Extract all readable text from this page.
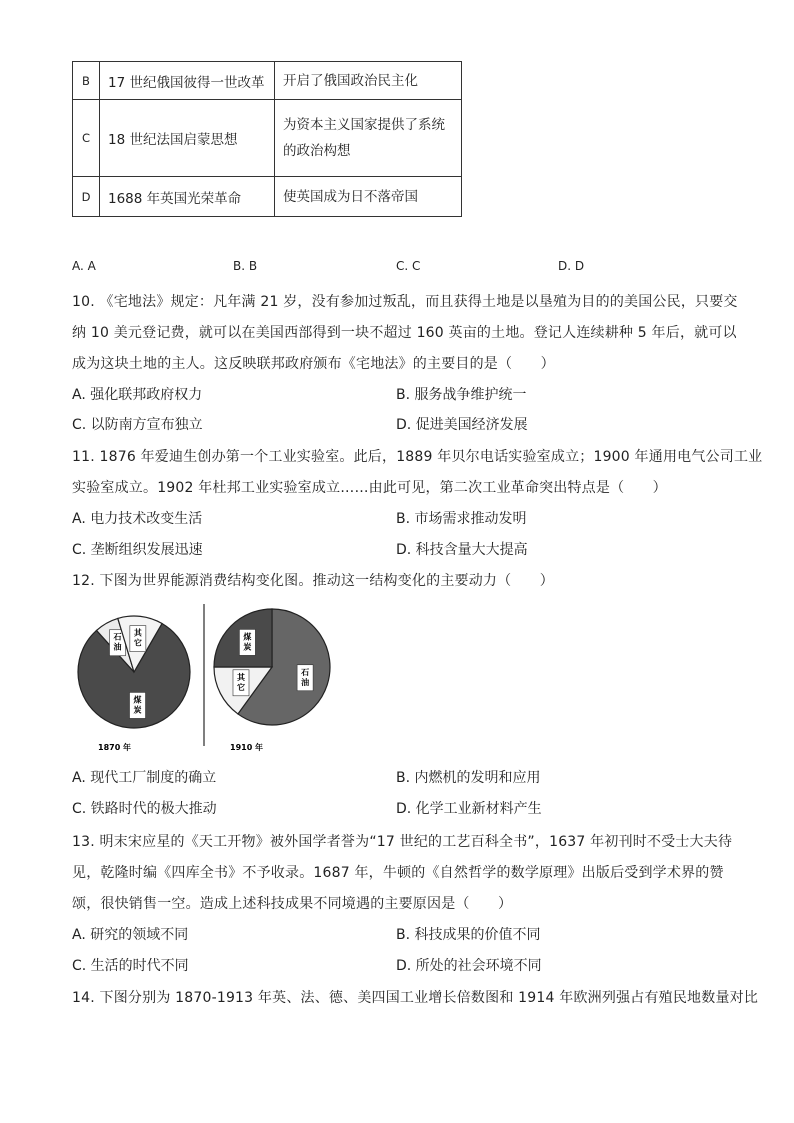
B	17 世纪俄国彼得一世改革	开启了俄国政治民主化
C	18 世纪法国启蒙思想	为资本主义国家提供了系统的政治构想
D	1688 年英国光荣革命	使英国成为日不落帝国
A. A	B. B	C. C	D. D
10. 《宅地法》规定：凡年满 21 岁，没有参加过叛乱，而且获得土地是以垦殖为目的的美国公民，只要交
纳 10 美元登记费，就可以在美国西部得到一块不超过 160 英亩的土地。登记人连续耕种 5 年后，就可以
成为这块土地的主人。这反映联邦政府颁布《宅地法》的主要目的是（　　）
A. 强化联邦政府权力	B. 服务战争维护统一
C. 以防南方宣布独立	D. 促进美国经济发展
11. 1876 年爱迪生创办第一个工业实验室。此后，1889 年贝尔电话实验室成立；1900 年通用电气公司工业
实验室成立。1902 年杜邦工业实验室成立……由此可见，第二次工业革命突出特点是（　　）
A. 电力技术改变生活	B. 市场需求推动发明
C. 垄断组织发展迅速	D. 科技含量大大提高
12. 下图为世界能源消费结构变化图。推动这一结构变化的主要动力（　　）
煤炭
石油
其它
石油
其它
煤炭
1870 年	1910 年
A. 现代工厂制度的确立	B. 内燃机的发明和应用
C. 铁路时代的极大推动	D. 化学工业新材料产生
13. 明末宋应星的《天工开物》被外国学者誉为“17 世纪的工艺百科全书”，1637 年初刊时不受士大夫待
见，乾隆时编《四库全书》不予收录。1687 年，牛顿的《自然哲学的数学原理》出版后受到学术界的赞
颂，很快销售一空。造成上述科技成果不同境遇的主要原因是（　　）
A. 研究的领域不同	B. 科技成果的价值不同
C. 生活的时代不同	D. 所处的社会环境不同
14. 下图分别为 1870-1913 年英、法、德、美四国工业增长倍数图和 1914 年欧洲列强占有殖民地数量对比
